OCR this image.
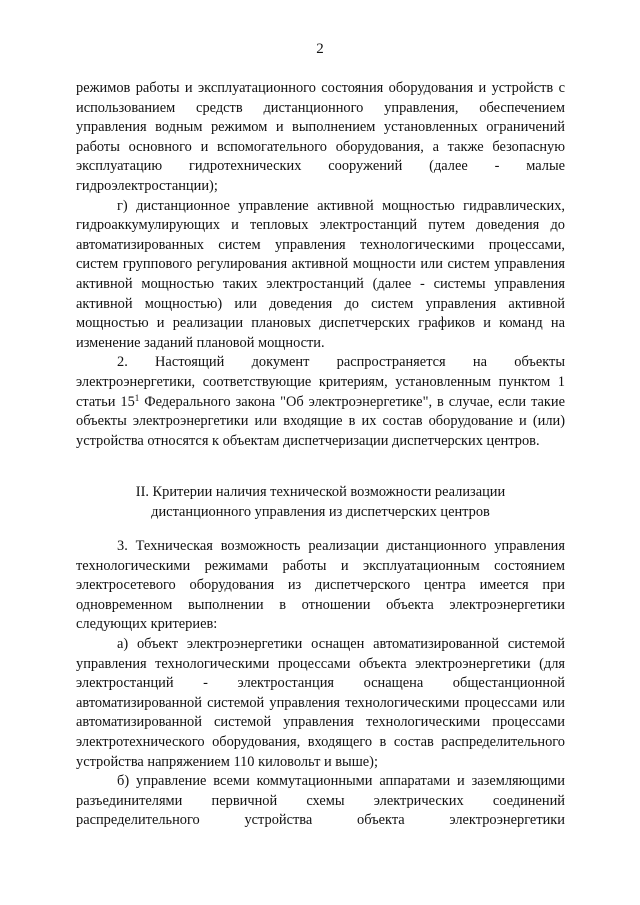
2

режимов работы и эксплуатационного состояния оборудования и устройств с использованием средств дистанционного управления, обеспечением управления водным режимом и выполнением установленных ограничений работы основного и вспомогательного оборудования, а также безопасную эксплуатацию гидротехнических сооружений (далее - малые гидроэлектростанции);

г) дистанционное управление активной мощностью гидравлических, гидроаккумулирующих и тепловых электростанций путем доведения до автоматизированных систем управления технологическими процессами, систем группового регулирования активной мощности или систем управления активной мощностью таких электростанций (далее - системы управления активной мощностью) или доведения до систем управления активной мощностью и реализации плановых диспетчерских графиков и команд на изменение заданий плановой мощности.

2. Настоящий документ распространяется на объекты электроэнергетики, соответствующие критериям, установленным пунктом 1 статьи $15^1$ Федерального закона "Об электроэнергетике", в случае, если такие объекты электроэнергетики или входящие в их состав оборудование и (или) устройства относятся к объектам диспетчеризации диспетчерских центров.

II. Критерии наличия технической возможности реализации

дистанционного управления из диспетчерских центров

3. Техническая возможность реализации дистанционного управления технологическими режимами работы и эксплуатационным состоянием электросетевого оборудования из диспетчерского центра имеется при одновременном выполнении в отношении объекта электроэнергетики следующих критериев:

а) объект электроэнергетики оснащен автоматизированной системой управления технологическими процессами объекта электроэнергетики (для электростанций - электростанция оснащена общестанционной автоматизированной системой управления технологическими процессами или автоматизированной системой управления технологическими процессами электротехнического оборудования, входящего в состав распределительного устройства напряжением 110 киловольт и выше);

б) управление всеми коммутационными аппаратами и заземляющими разъединителями первичной схемы электрических соединений распределительного устройства объекта электроэнергетики
